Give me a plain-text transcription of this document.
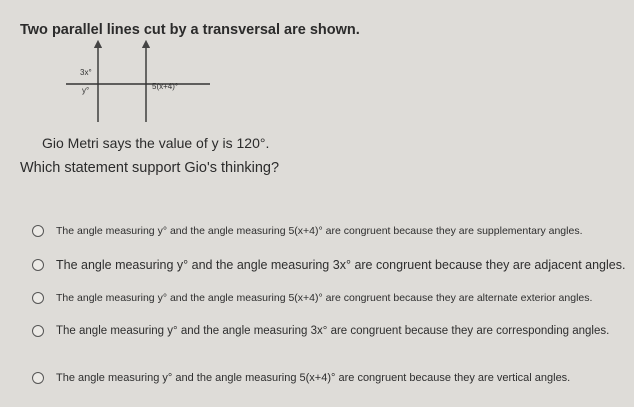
Two parallel lines cut by a transversal are shown.
3x°
y°	5(x+4)°
Gio Metri says the value of y is 120°.
Which statement support Gio's thinking?
The angle measuring y° and the angle measuring 5(x+4)° are congruent because they are supplementary angles.
The angle measuring y° and the angle measuring 3x° are congruent because they are adjacent angles.
The angle measuring y° and the angle measuring 5(x+4)° are congruent because they are alternate exterior angles.
The angle measuring y° and the angle measuring 3x° are congruent because they are corresponding angles.
The angle measuring y° and the angle measuring 5(x+4)° are congruent because they are vertical angles.
